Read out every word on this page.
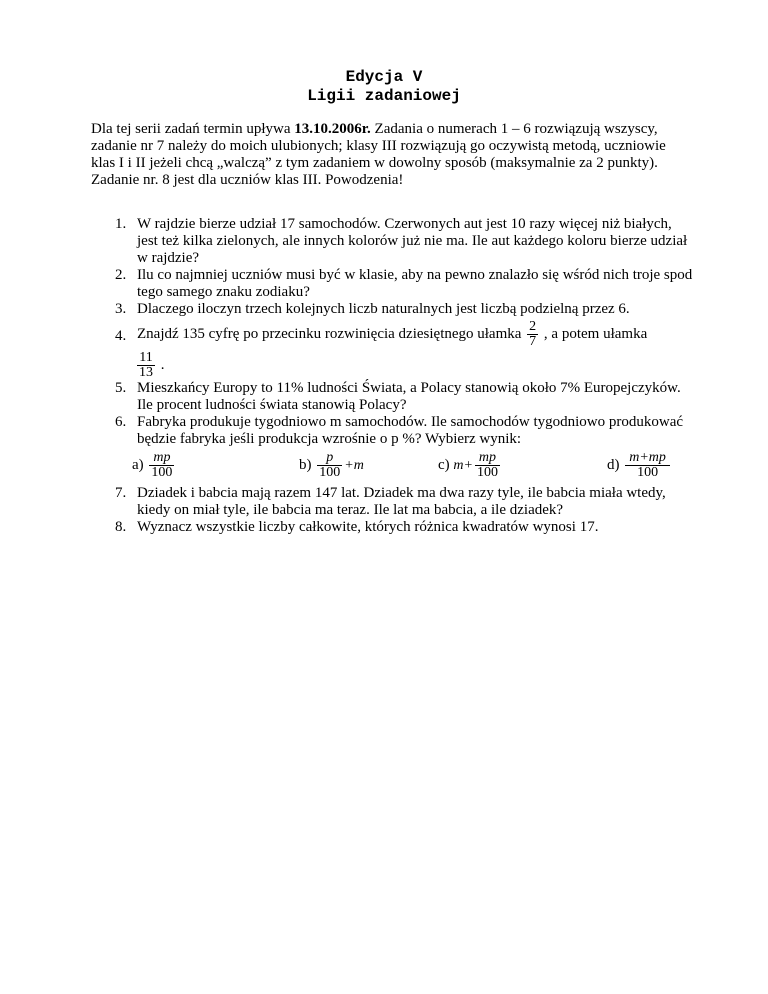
Edycja V
Ligii zadaniowej

Dla tej serii zadań termin upływa 13.10.2006r. Zadania o numerach 1 – 6 rozwiązują wszyscy, zadanie nr 7 należy do moich ulubionych; klasy III rozwiązują go oczywistą metodą, uczniowie klas I i II jeżeli chcą „walczą” z tym zadaniem w dowolny sposób (maksymalnie za 2 punkty). Zadanie nr. 8 jest dla uczniów klas III. Powodzenia!

1. W rajdzie bierze udział 17 samochodów. Czerwonych aut jest 10 razy więcej niż białych, jest też kilka zielonych, ale innych kolorów już nie ma. Ile aut każdego koloru bierze udział w rajdzie?
2. Ilu co najmniej uczniów musi być w klasie, aby na pewno znalazło się wśród nich troje spod tego samego znaku zodiaku?
3. Dlaczego iloczyn trzech kolejnych liczb naturalnych jest liczbą podzielną przez 6.
4. Znajdź 135 cyfrę po przecinku rozwinięcia dziesiętnego ułamka $\frac{2}{7}$ , a potem ułamka
$\frac{11}{13}$ .
5. Mieszkańcy Europy to 11% ludności Świata, a Polacy stanowią około 7% Europejczyków. Ile procent ludności świata stanowią Polacy?
6. Fabryka produkuje tygodniowo m samochodów. Ile samochodów tygodniowo produkować będzie fabryka jeśli produkcja wzrośnie o p %? Wybierz wynik:
$a) \frac{mp}{100}$	$b) \frac{p}{100} +m$	c) $m+ \frac{mp}{100}$	$d) \frac{m+mp}{100}$
7. Dziadek i babcia mają razem 147 lat. Dziadek ma dwa razy tyle, ile babcia miała wtedy, kiedy on miał tyle, ile babcia ma teraz. Ile lat ma babcia, a ile dziadek?
8. Wyznacz wszystkie liczby całkowite, których różnica kwadratów wynosi 17.
